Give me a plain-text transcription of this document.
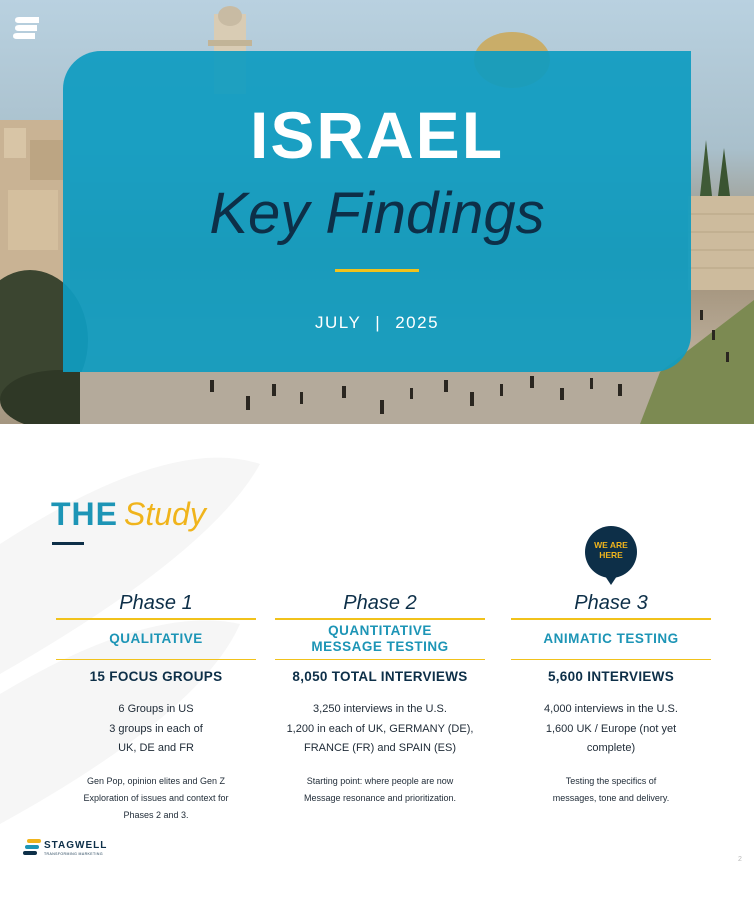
ISRAEL
Key Findings
JULY | 2025
THE Study
WE ARE
HERE
Phase 1
QUALITATIVE
15 FOCUS GROUPS
6 Groups in US
3 groups in each of
UK, DE and FR
Gen Pop, opinion elites and Gen Z
Exploration of issues and context for
Phases 2 and 3.
Phase 2
QUANTITATIVE
MESSAGE TESTING
8,050 TOTAL INTERVIEWS
3,250 interviews in the U.S.
1,200 in each of UK, GERMANY (DE),
FRANCE (FR) and SPAIN (ES)
Starting point: where people are now
Message resonance and prioritization.
Phase 3
ANIMATIC TESTING
5,600 INTERVIEWS
4,000 interviews in the U.S.
1,600 UK / Europe (not yet
complete)
Testing the specifics of
messages, tone and delivery.
STAGWELL
TRANSFORMING MARKETING
2
